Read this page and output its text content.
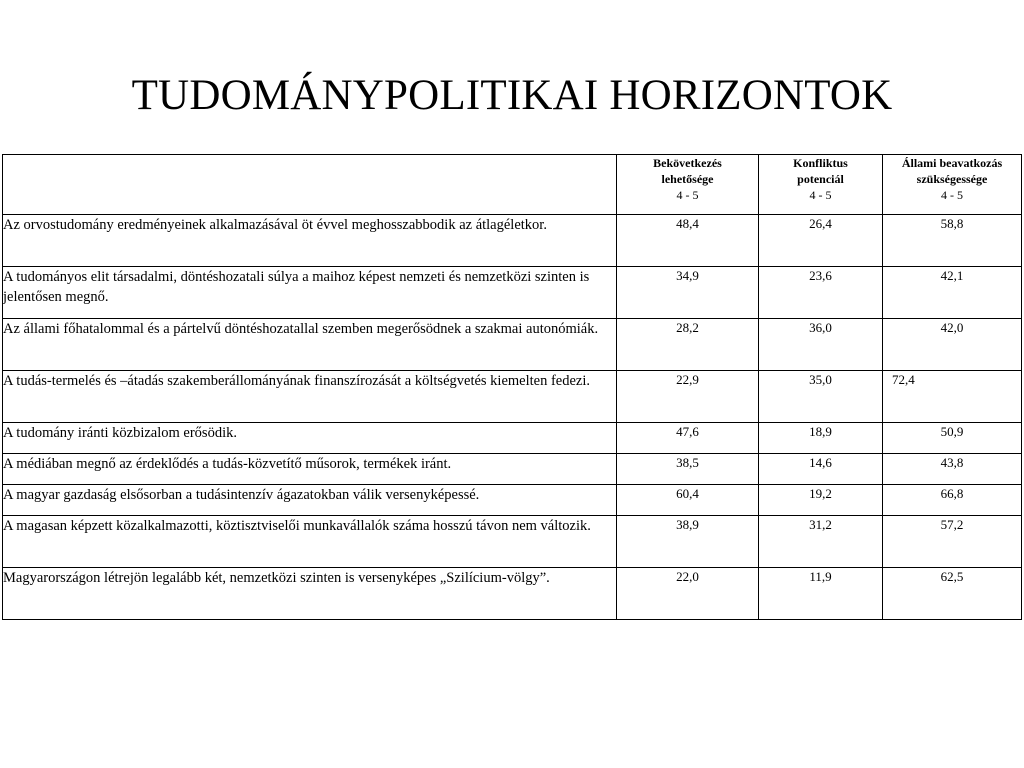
TUDOMÁNYPOLITIKAI HORIZONTOK

	Bekövetkezés
lehetősége
4 - 5	Konfliktus
potenciál
4 - 5	Állami beavatkozás
szükségessége
4 - 5

Az orvostudomány eredményeinek alkalmazásával öt évvel meghosszabbodik az átlagéletkor.	48,4	26,4	58,8
A tudományos elit társadalmi, döntéshozatali súlya a maihoz képest nemzeti és nemzetközi szinten is jelentősen megnő.	34,9	23,6	42,1
Az állami főhatalommal és a pártelvű döntéshozatallal szemben megerősödnek a szakmai autonómiák.	28,2	36,0	42,0
A tudás-termelés és –átadás szakemberállományának finanszírozását a költségvetés kiemelten fedezi.	22,9	35,0	72,4
A tudomány iránti közbizalom erősödik.	47,6	18,9	50,9
A médiában megnő az érdeklődés a tudás-közvetítő műsorok, termékek iránt.	38,5	14,6	43,8
A magyar gazdaság elsősorban a tudásintenzív ágazatokban válik versenyképessé.	60,4	19,2	66,8
A magasan képzett közalkalmazotti, köztisztviselői munkavállalók száma hosszú távon nem változik.	38,9	31,2	57,2
Magyarországon létrejön legalább két, nemzetközi szinten is versenyképes „Szilícium-völgy”.	22,0	11,9	62,5
